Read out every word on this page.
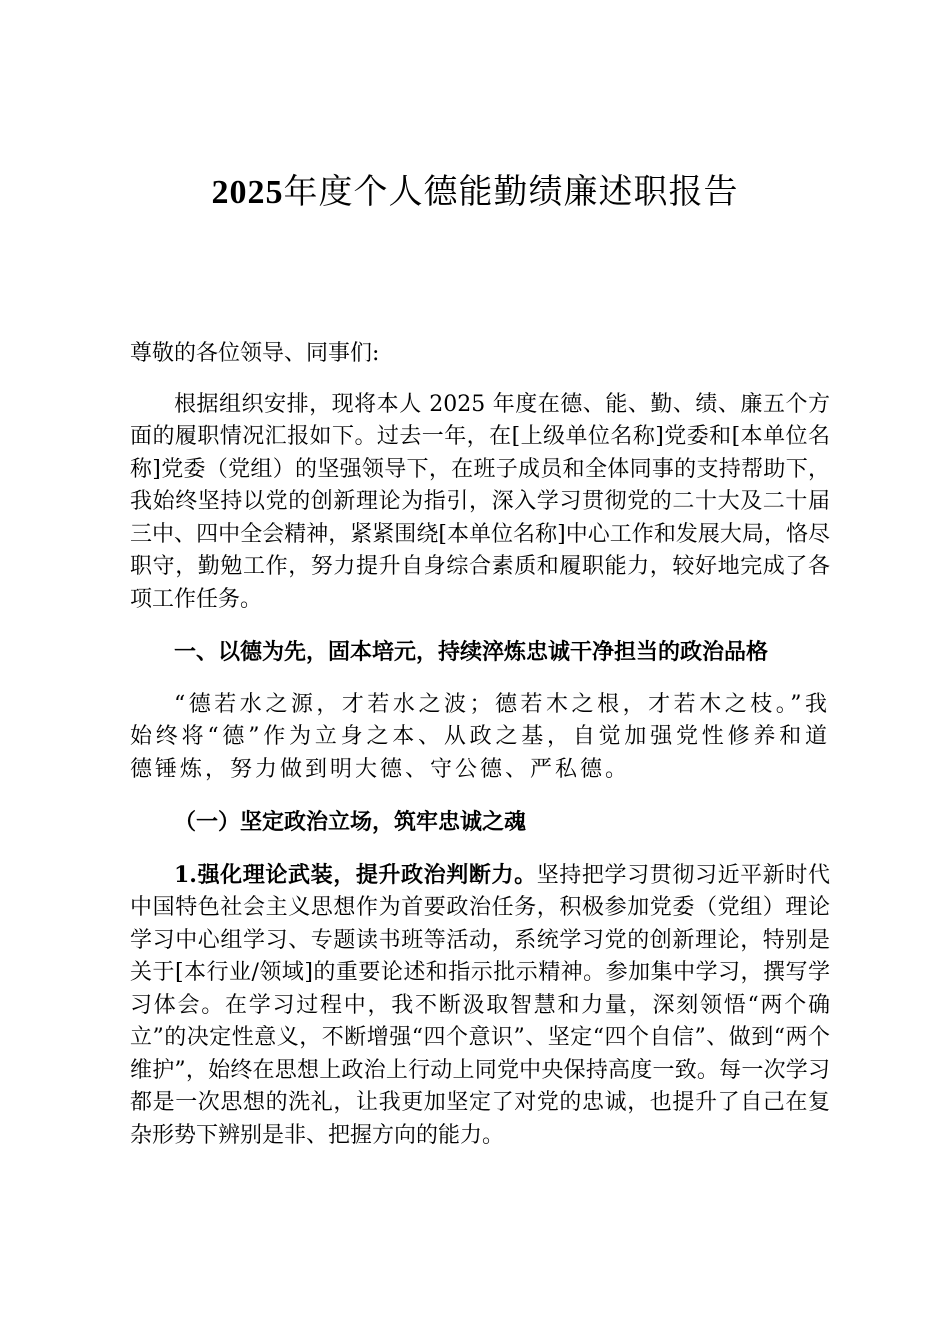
2025年度个人德能勤绩廉述职报告

尊敬的各位领导、同事们:

根据组织安排，现将本人 2025 年度在德、能、勤、绩、廉五个方面的履职情况汇报如下。过去一年，在[上级单位名称]党委和[本单位名称]党委（党组）的坚强领导下，在班子成员和全体同事的支持帮助下，我始终坚持以党的创新理论为指引，深入学习贯彻党的二十大及二十届三中、四中全会精神，紧紧围绕[本单位名称]中心工作和发展大局，恪尽职守，勤勉工作，努力提升自身综合素质和履职能力，较好地完成了各项工作任务。

一、以德为先，固本培元，持续淬炼忠诚干净担当的政治品格

“德若水之源，才若水之波；德若木之根，才若木之枝。”我始终将“德”作为立身之本、从政之基，自觉加强党性修养和道德锤炼，努力做到明大德、守公德、严私德。

（一）坚定政治立场，筑牢忠诚之魂

1.强化理论武装，提升政治判断力。坚持把学习贯彻习近平新时代中国特色社会主义思想作为首要政治任务，积极参加党委（党组）理论学习中心组学习、专题读书班等活动，系统学习党的创新理论，特别是关于[本行业/领域]的重要论述和指示批示精神。参加集中学习，撰写学习体会。在学习过程中，我不断汲取智慧和力量，深刻领悟“两个确立”的决定性意义，不断增强“四个意识”、坚定“四个自信”、做到“两个维护”，始终在思想上政治上行动上同党中央保持高度一致。每一次学习都是一次思想的洗礼，让我更加坚定了对党的忠诚，也提升了自己在复杂形势下辨别是非、把握方向的能力。
